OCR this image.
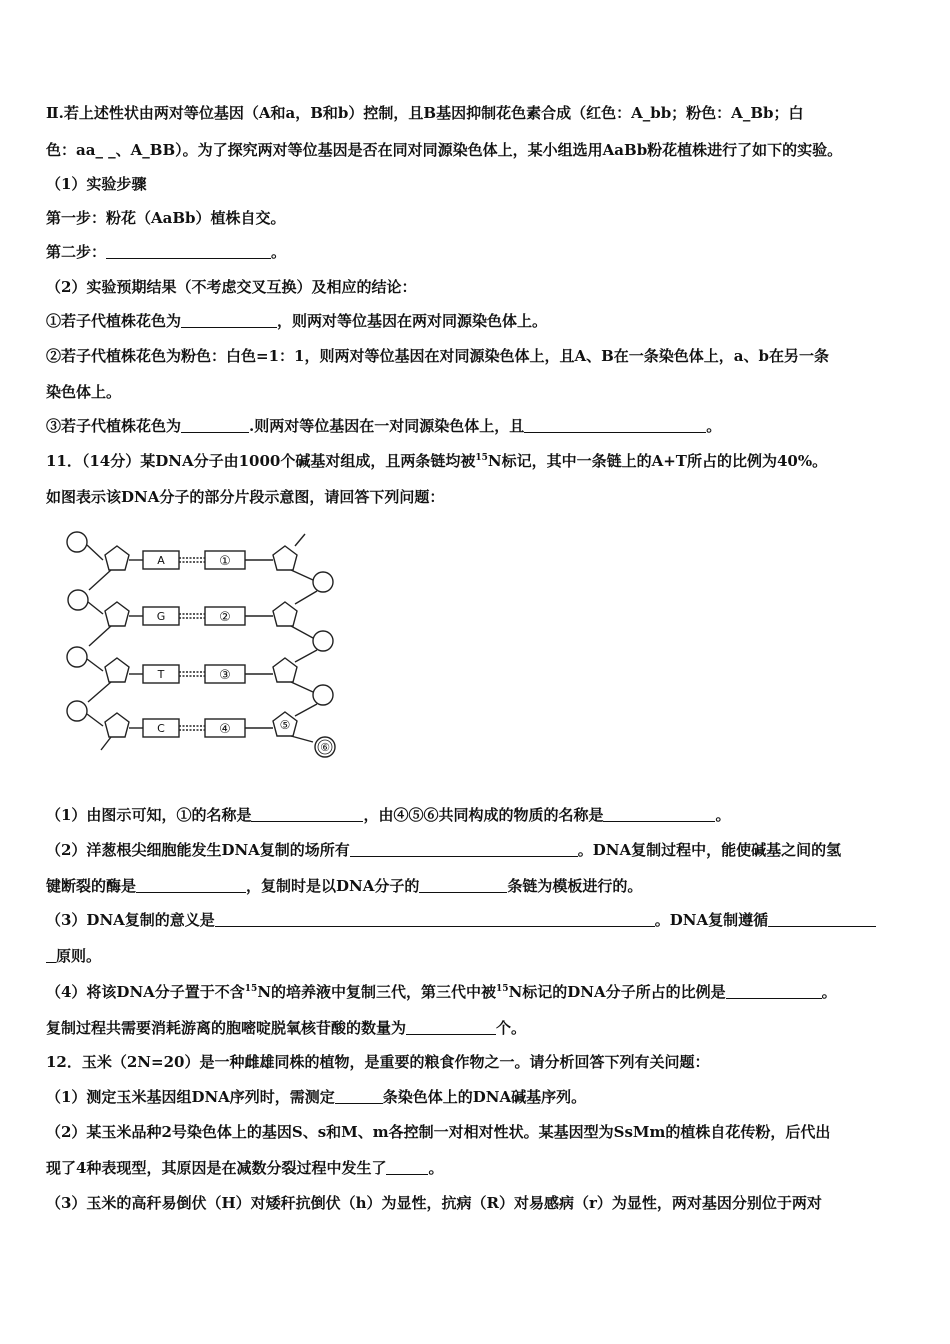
Ⅱ.若上述性状由两对等位基因（A和a，B和b）控制，且B基因抑制花色素合成（红色：A_bb；粉色：A_Bb；白
色：aa_ _、A_BB）。为了探究两对等位基因是否在同对同源染色体上，某小组选用AaBb粉花植株进行了如下的实验。
（1）实验步骤
第一步：粉花（AaBb）植株自交。
第二步：	。
（2）实验预期结果（不考虑交叉互换）及相应的结论：
①若子代植株花色为	，则两对等位基因在两对同源染色体上。
②若子代植株花色为粉色：白色=1：1，则两对等位基因在对同源染色体上，且A、B在一条染色体上，a、b在另一条
染色体上。
③若子代植株花色为	.则两对等位基因在一对同源染色体上，且	。
11．（14分）某DNA分子由1000个碱基对组成，且两条链均被$^{15}$N标记，其中一条链上的A+T所占的比例为40%。
如图表示该DNA分子的部分片段示意图，请回答下列问题：
A
G
T
C
①
②
③
④	⑤
⑥
（1）由图示可知，①的名称是	，由④⑤⑥共同构成的物质的名称是	。
（2）洋葱根尖细胞能发生DNA复制的场所有	。DNA复制过程中，能使碱基之间的氢
键断裂的酶是	，复制时是以DNA分子的	条链为模板进行的。
（3）DNA复制的意义是	。DNA复制遵循
原则。
（4）将该DNA分子置于不含$^{15}$N的培养液中复制三代，第三代中被$^{15}$N标记的DNA分子所占的比例是	。
复制过程共需要消耗游离的胞嘧啶脱氧核苷酸的数量为	个。
12．玉米（2N=20）是一种雌雄同株的植物，是重要的粮食作物之一。请分析回答下列有关问题：
（1）测定玉米基因组DNA序列时，需测定	条染色体上的DNA碱基序列。
（2）某玉米品种2号染色体上的基因S、s和M、m各控制一对相对性状。某基因型为SsMm的植株自花传粉，后代出
现了4种表现型，其原因是在减数分裂过程中发生了	。
（3）玉米的高秆易倒伏（H）对矮秆抗倒伏（h）为显性，抗病（R）对易感病（r）为显性，两对基因分别位于两对
